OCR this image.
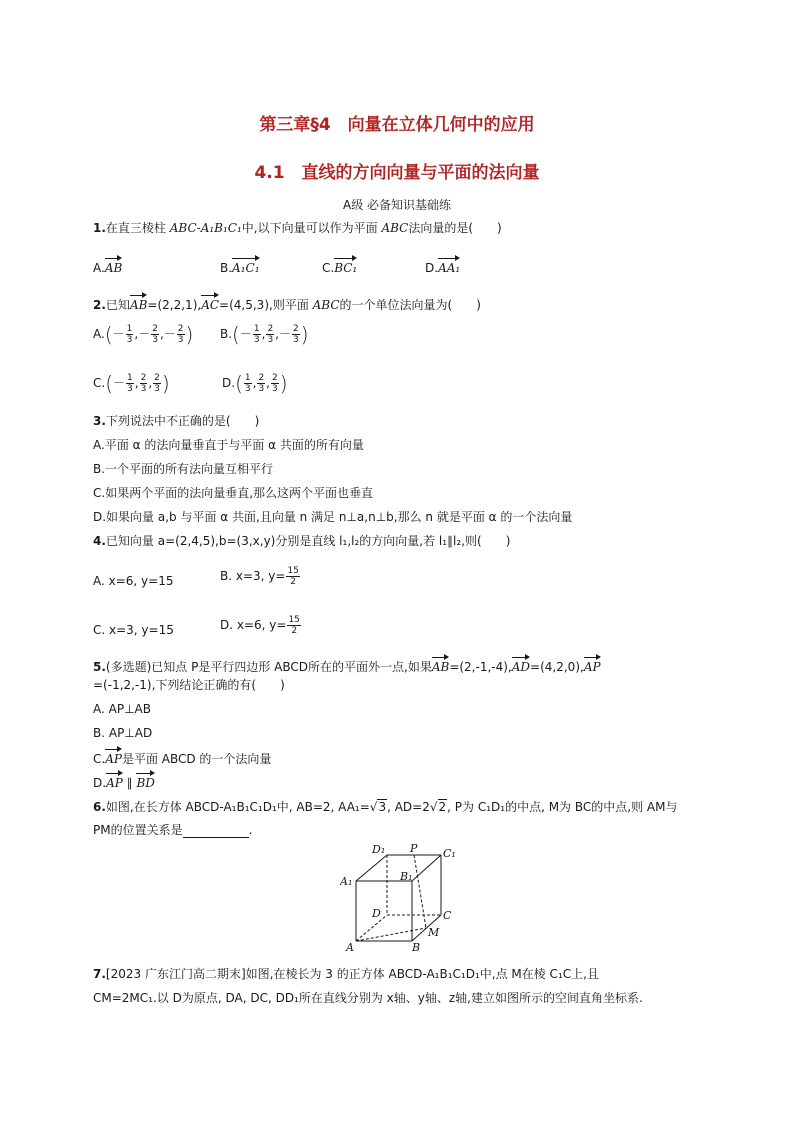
第三章§4　向量在立体几何中的应用
4.1　直线的方向向量与平面的法向量
A级 必备知识基础练
1.在直三棱柱 ABC-A₁B₁C₁中,以下向量可以作为平面 ABC法向量的是(　　)
A.AB	B.A₁C₁	C.BC₁	D.AA₁
2.已知AB=(2,2,1),AC=(4,5,3),则平面 ABC的一个单位法向量为(　　)
$A.(- \frac{1}{3}$ ,－ $\frac{2}{3}$ ,－ $\frac{2}{3}$ ) $B.(- \frac{1}{3}$ , $\frac{2}{3}$ ,－ $\frac{2}{3}$ )
$C.(- \frac{1}{3}$ , $\frac{2}{3}$ , $\frac{2}{3}$ )	$D.( \frac{1}{3}$ , $\frac{2}{3}$ , $\frac{2}{3}$ )
3.下列说法中不正确的是(　　)
A.平面 α 的法向量垂直于与平面 α 共面的所有向量
B.一个平面的所有法向量互相平行
C.如果两个平面的法向量垂直,那么这两个平面也垂直
D.如果向量 a,b 与平面 α 共面,且向量 n 满足 n⊥a,n⊥b,那么 n 就是平面 α 的一个法向量
4.已知向量 a=(2,4,5),b=(3,x,y)分别是直线 l₁,l₂的方向向量,若 l₁∥l₂,则(　　)
A. x=6, y=15	B. x=3, $y= \frac{15}{2}$
C. x=3, y=15	D. x=6, $y= \frac{15}{2}$
5.(多选题)已知点 P是平行四边形 ABCD所在的平面外一点,如果AB=(2,-1,-4),AD=(4,2,0),AP
=(-1,2,-1),下列结论正确的有(　　)
A. AP⊥AB
B. AP⊥AD
C.AP是平面 ABCD 的一个法向量
D.AP ∥ BD
6.如图,在长方体 ABCD-A₁B₁C₁D₁中, AB=2, AA₁=√3, AD=2√2, P为 C₁D₁的中点, M为 BC的中点,则 AM与
PM的位置关系是	.
D₁ P C₁
A₁	B₁
D	C
M
A	B
7.[2023 广东江门高二期末]如图,在棱长为 3 的正方体 ABCD-A₁B₁C₁D₁中,点 M在棱 C₁C上,且
CM=2MC₁.以 D为原点, DA, DC, DD₁所在直线分别为 x轴、y轴、z轴,建立如图所示的空间直角坐标系.
